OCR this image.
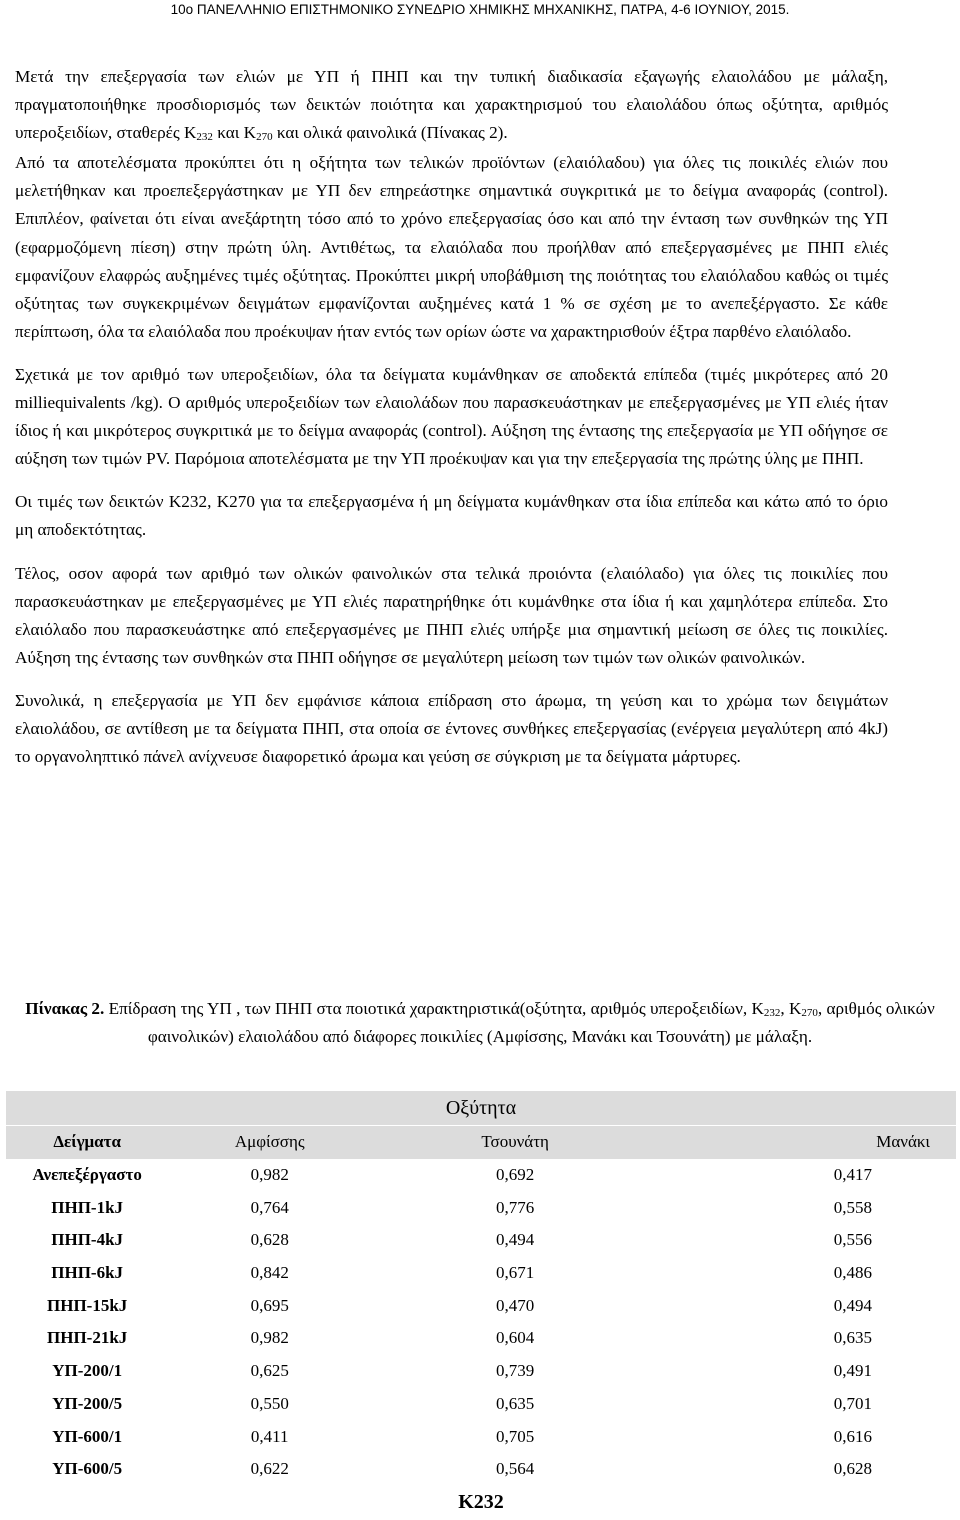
10ο ΠΑΝΕΛΛΗΝΙΟ ΕΠΙΣΤΗΜΟΝΙΚΟ ΣΥΝΕΔΡΙΟ ΧΗΜΙΚΗΣ ΜΗΧΑΝΙΚΗΣ, ΠΑΤΡΑ, 4-6 ΙΟΥΝΙΟΥ, 2015.

Μετά την επεξεργασία των ελιών με ΥΠ ή ΠΗΠ και την τυπική διαδικασία εξαγωγής ελαιολάδου με μάλαξη, πραγματοποιήθηκε προσδιορισμός των δεικτών ποιότητα και χαρακτηρισμού του ελαιολάδου όπως οξύτητα, αριθμός υπεροξειδίων, σταθερές $K_{232}$ και $K_{270}$ και ολικά φαινολικά (Πίνακας 2).

Από τα αποτελέσματα προκύπτει ότι η οξήτητα των τελικών προϊόντων (ελαιόλαδου) για όλες τις ποικιλές ελιών που μελετήθηκαν και προεπεξεργάστηκαν με ΥΠ δεν επηρεάστηκε σημαντικά συγκριτικά με το δείγμα αναφοράς (control). Επιπλέον, φαίνεται ότι είναι ανεξάρτητη τόσο από το χρόνο επεξεργασίας όσο και από την ένταση των συνθηκών της ΥΠ (εφαρμοζόμενη πίεση) στην πρώτη ύλη. Αντιθέτως, τα ελαιόλαδα που προήλθαν από επεξεργασμένες με ΠΗΠ ελιές εμφανίζουν ελαφρώς αυξημένες τιμές οξύτητας. Προκύπτει μικρή υποβάθμιση της ποιότητας του ελαιόλαδου καθώς οι τιμές οξύτητας των συγκεκριμένων δειγμάτων εμφανίζονται αυξημένες κατά 1 % σε σχέση με το ανεπεξέργαστο. Σε κάθε περίπτωση, όλα τα ελαιόλαδα που προέκυψαν ήταν εντός των ορίων ώστε να χαρακτηρισθούν έξτρα παρθένο ελαιόλαδο.

Σχετικά με τον αριθμό των υπεροξειδίων, όλα τα δείγματα κυμάνθηκαν σε αποδεκτά επίπεδα (τιμές μικρότερες από 20 milliequivalents /kg). Ο αριθμός υπεροξειδίων των ελαιολάδων που παρασκευάστηκαν με επεξεργασμένες με ΥΠ ελιές ήταν ίδιος ή και μικρότερος συγκριτικά με το δείγμα αναφοράς (control). Αύξηση της έντασης της επεξεργασία με ΥΠ οδήγησε σε αύξηση των τιμών PV. Παρόμοια αποτελέσματα με την ΥΠ προέκυψαν και για την επεξεργασία της πρώτης ύλης με ΠΗΠ.

Οι τιμές των δεικτών Κ232, Κ270 για τα επεξεργασμένα ή μη δείγματα κυμάνθηκαν στα ίδια επίπεδα και κάτω από το όριο μη αποδεκτότητας.

Τέλος, οσον αφορά των αριθμό των ολικών φαινολικών στα τελικά προιόντα (ελαιόλαδο) για όλες τις ποικιλίες που παρασκευάστηκαν με επεξεργασμένες με ΥΠ ελιές παρατηρήθηκε ότι κυμάνθηκε στα ίδια ή και χαμηλότερα επίπεδα. Στο ελαιόλαδο που παρασκευάστηκε από επεξεργασμένες με ΠΗΠ ελιές υπήρξε μια σημαντική μείωση σε όλες τις ποικιλίες. Αύξηση της έντασης των συνθηκών στα ΠΗΠ οδήγησε σε μεγαλύτερη μείωση των τιμών των ολικών φαινολικών.

Συνολικά, η επεξεργασία με ΥΠ δεν εμφάνισε κάποια επίδραση στο άρωμα, τη γεύση και το χρώμα των δειγμάτων ελαιολάδου, σε αντίθεση με τα δείγματα ΠΗΠ, στα οποία σε έντονες συνθήκες επεξεργασίας (ενέργεια μεγαλύτερη από 4kJ) το οργανοληπτικό πάνελ ανίχνευσε διαφορετικό άρωμα και γεύση σε σύγκριση με τα δείγματα μάρτυρες.

Πίνακας 2. Επίδραση της ΥΠ , των ΠΗΠ στα ποιοτικά χαρακτηριστικά(οξύτητα, αριθμός υπεροξειδίων, $K_{232}$, $K_{270}$, αριθμός ολικών φαινολικών) ελαιολάδου από διάφορες ποικιλίες (Αμφίσσης, Μανάκι και Τσουνάτη) με μάλαξη.
Οξύτητα			
Δείγματα	Αμφίσσης	Τσουνάτη	Μανάκι
Ανεπεξέργαστο	0,982	0,692	0,417
ΠΗΠ-1kJ	0,764	0,776	0,558
ΠΗΠ-4kJ	0,628	0,494	0,556
ΠΗΠ-6kJ	0,842	0,671	0,486
ΠΗΠ-15kJ	0,695	0,470	0,494
ΠΗΠ-21kJ	0,982	0,604	0,635
ΥΠ-200/1	0,625	0,739	0,491
ΥΠ-200/5	0,550	0,635	0,701
ΥΠ-600/1	0,411	0,705	0,616
ΥΠ-600/5	0,622	0,564	0,628
K232			
